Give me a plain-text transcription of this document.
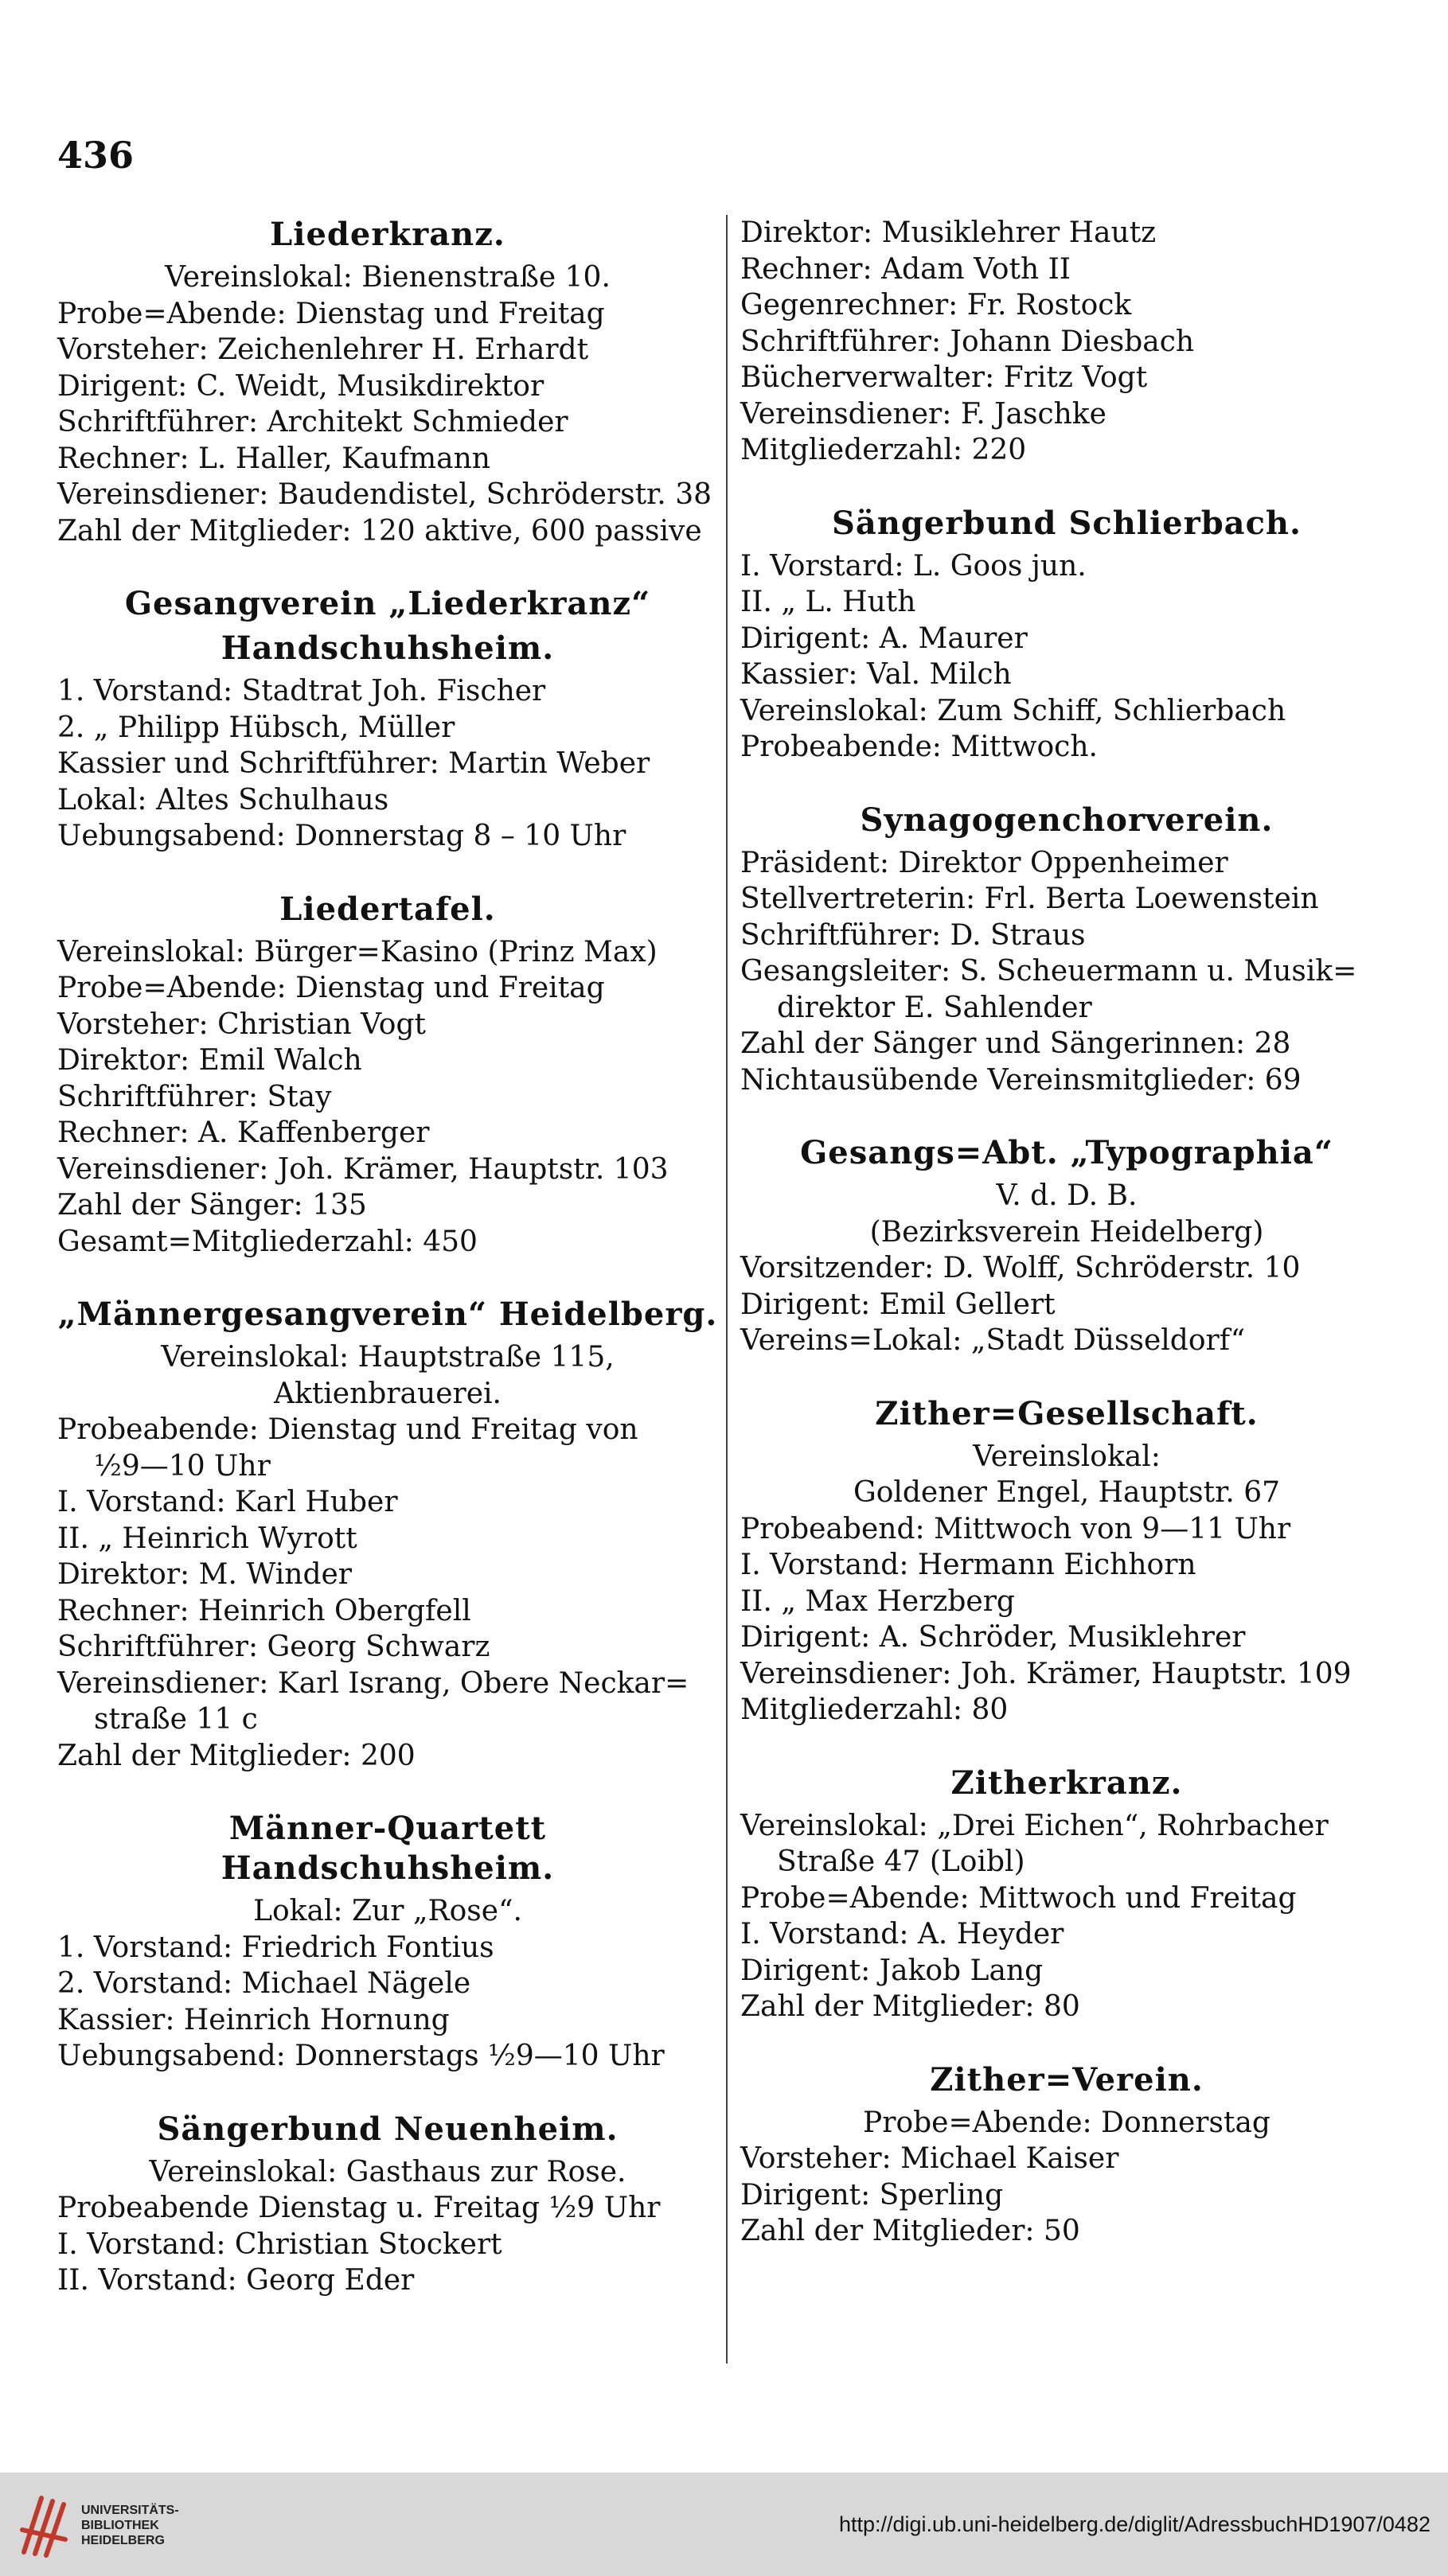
436
Liederkranz.
Vereinslokal: Bienenstraße 10.
Probe=Abende: Dienstag und Freitag
Vorsteher: Zeichenlehrer H. Erhardt
Dirigent: C. Weidt, Musikdirektor
Schriftführer: Architekt Schmieder
Rechner: L. Haller, Kaufmann
Vereinsdiener: Baudendistel, Schröderstr. 38
Zahl der Mitglieder: 120 aktive, 600 passive
Gesangverein „Liederkranz“
Handschuhsheim.
1. Vorstand: Stadtrat Joh. Fischer
2. „ Philipp Hübsch, Müller
Kassier und Schriftführer: Martin Weber
Lokal: Altes Schulhaus
Uebungsabend: Donnerstag 8 – 10 Uhr
Liedertafel.
Vereinslokal: Bürger=Kasino (Prinz Max)
Probe=Abende: Dienstag und Freitag
Vorsteher: Christian Vogt
Direktor: Emil Walch
Schriftführer: Stay
Rechner: A. Kaffenberger
Vereinsdiener: Joh. Krämer, Hauptstr. 103
Zahl der Sänger: 135
Gesamt=Mitgliederzahl: 450
„Männergesangverein“ Heidelberg.
Vereinslokal: Hauptstraße 115,
Aktienbrauerei.
Probeabende: Dienstag und Freitag von
½9—10 Uhr
I. Vorstand: Karl Huber
II. „ Heinrich Wyrott
Direktor: M. Winder
Rechner: Heinrich Obergfell
Schriftführer: Georg Schwarz
Vereinsdiener: Karl Israng, Obere Neckar=
straße 11 c
Zahl der Mitglieder: 200
Männer-Quartett Handschuhsheim.
Lokal: Zur „Rose“.
1. Vorstand: Friedrich Fontius
2. Vorstand: Michael Nägele
Kassier: Heinrich Hornung
Uebungsabend: Donnerstags ½9—10 Uhr
Sängerbund Neuenheim.
Vereinslokal: Gasthaus zur Rose.
Probeabende Dienstag u. Freitag ½9 Uhr
I. Vorstand: Christian Stockert
II. Vorstand: Georg Eder
Direktor: Musiklehrer Hautz
Rechner: Adam Voth II
Gegenrechner: Fr. Rostock
Schriftführer: Johann Diesbach
Bücherverwalter: Fritz Vogt
Vereinsdiener: F. Jaschke
Mitgliederzahl: 220
Sängerbund Schlierbach.
I. Vorstard: L. Goos jun.
II. „ L. Huth
Dirigent: A. Maurer
Kassier: Val. Milch
Vereinslokal: Zum Schiff, Schlierbach
Probeabende: Mittwoch.
Synagogenchorverein.
Präsident: Direktor Oppenheimer
Stellvertreterin: Frl. Berta Loewenstein
Schriftführer: D. Straus
Gesangsleiter: S. Scheuermann u. Musik=
direktor E. Sahlender
Zahl der Sänger und Sängerinnen: 28
Nichtausübende Vereinsmitglieder: 69
Gesangs=Abt. „Typographia“
V. d. D. B.
(Bezirksverein Heidelberg)
Vorsitzender: D. Wolff, Schröderstr. 10
Dirigent: Emil Gellert
Vereins=Lokal: „Stadt Düsseldorf“
Zither=Gesellschaft.
Vereinslokal:
Goldener Engel, Hauptstr. 67
Probeabend: Mittwoch von 9—11 Uhr
I. Vorstand: Hermann Eichhorn
II. „ Max Herzberg
Dirigent: A. Schröder, Musiklehrer
Vereinsdiener: Joh. Krämer, Hauptstr. 109
Mitgliederzahl: 80
Zitherkranz.
Vereinslokal: „Drei Eichen“, Rohrbacher
Straße 47 (Loibl)
Probe=Abende: Mittwoch und Freitag
I. Vorstand: A. Heyder
Dirigent: Jakob Lang
Zahl der Mitglieder: 80
Zither=Verein.
Probe=Abende: Donnerstag
Vorsteher: Michael Kaiser
Dirigent: Sperling
Zahl der Mitglieder: 50
UNIVERSITÄTS-
BIBLIOTHEK
HEIDELBERG
http://digi.ub.uni-heidelberg.de/diglit/AdressbuchHD1907/0482
